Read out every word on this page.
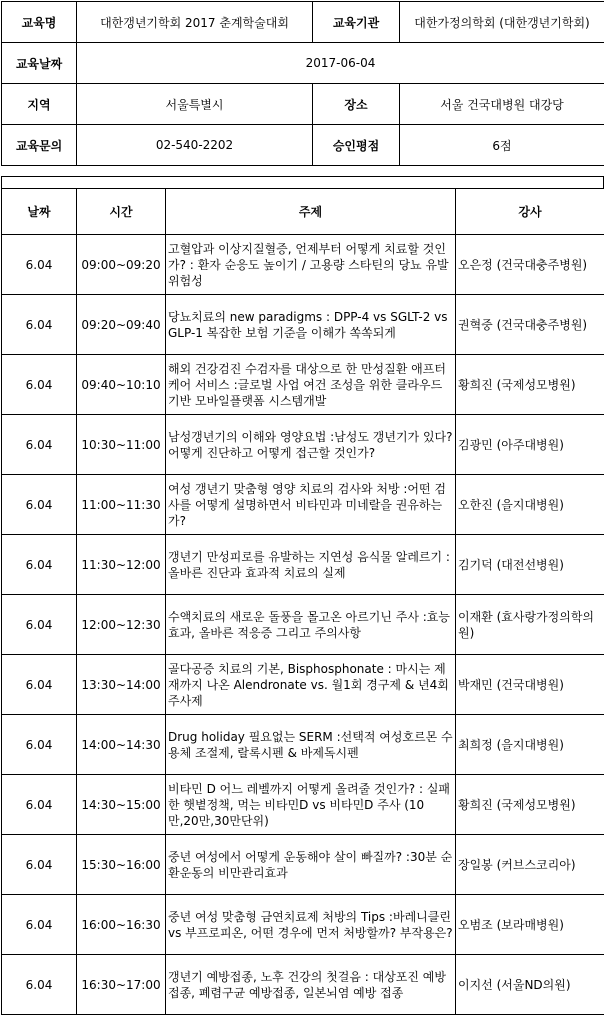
교육명	대한갱년기학회 2017 춘계학술대회	교육기관	대한가정의학회 (대한갱년기학회)
교육날짜	2017-06-04		
지역	서울특별시	장소	서울 건국대병원 대강당
교육문의	02-540-2202	승인평점	6점
날짜	시간	주제	강사
6.04	09:00~09:20	고혈압과 이상지질혈증, 언제부터 어떻게 치료할 것인가? : 환자 순응도 높이기 / 고용량 스타틴의 당뇨 유발 위험성	오은정 (건국대충주병원)
6.04	09:20~09:40	당뇨치료의 new paradigms : DPP-4 vs SGLT-2 vs GLP-1 복잡한 보험 기준을 이해가 쏙쏙되게	권혁중 (건국대충주병원)
6.04	09:40~10:10	해외 건강검진 수검자를 대상으로 한 만성질환 애프터 케어 서비스 :글로벌 사업 여건 조성을 위한 클라우드 기반 모바일플랫폼 시스템개발	황희진 (국제성모병원)
6.04	10:30~11:00	남성갱년기의 이해와 영양요법 :남성도 갱년기가 있다? 어떻게 진단하고 어떻게 접근할 것인가?	김광민 (아주대병원)
6.04	11:00~11:30	여성 갱년기 맞춤형 영양 치료의 검사와 처방 :어떤 검사를 어떻게 설명하면서 비타민과 미네랄을 권유하는가?	오한진 (을지대병원)
6.04	11:30~12:00	갱년기 만성피로를 유발하는 지연성 음식물 알레르기 :올바른 진단과 효과적 치료의 실제	김기덕 (대전선병원)
6.04	12:00~12:30	수액치료의 새로운 돌풍을 몰고온 아르기닌 주사 :효능효과, 올바른 적응증 그리고 주의사항	이재환 (효사랑가정의학의원)
6.04	13:30~14:00	골다공증 치료의 기본, Bisphosphonate : 마시는 제재까지 나온 Alendronate vs. 월1회 경구제 & 년4회 주사제	박재민 (건국대병원)
6.04	14:00~14:30	Drug holiday 필요없는 SERM :선택적 여성호르몬 수용체 조절제, 랄록시펜 & 바제독시펜	최희정 (을지대병원)
6.04	14:30~15:00	비타민 D 어느 레벨까지 어떻게 올려줄 것인가? : 실패한 햇볕정책, 먹는 비타민D vs 비타민D 주사 (10만,20만,30만단위)	황희진 (국제성모병원)
6.04	15:30~16:00	중년 여성에서 어떻게 운동해야 살이 빠질까? :30분 순환운동의 비만관리효과	장일봉 (커브스코리아)
6.04	16:00~16:30	중년 여성 맞춤형 금연치료제 처방의 Tips :바레니클린 vs 부프로피온, 어떤 경우에 먼저 처방할까? 부작용은?	오범조 (보라매병원)
6.04	16:30~17:00	갱년기 예방접종, 노후 건강의 첫걸음 : 대상포진 예방접종, 폐렴구균 예방접종, 일본뇌염 예방 접종	이지선 (서울ND의원)
